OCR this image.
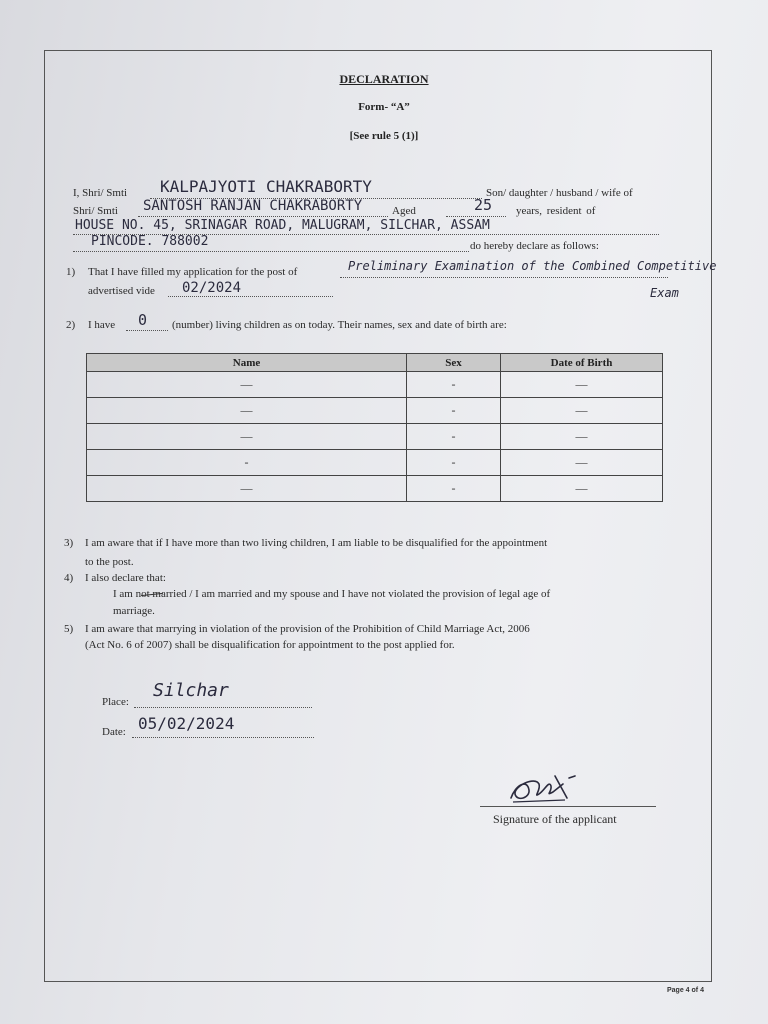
DECLARATION
Form- “A”
[See rule 5 (1)]
I, Shri/ Smti KALPAJYOTI CHAKRABORTY	Son/ daughter / husband / wife of
Shri/ Smti SANTOSH RANJAN CHAKRABORTY	Aged	25 years, resident of
HOUSE NO. 45, SRINAGAR ROAD, MALUGRAM, SILCHAR, ASSAM
PINCODE. 788002	do hereby declare as follows:
1) That I have filled my application for the post of	Preliminary Examination of the Combined Competitive
Exam
advertised vide 02/2024
2) I have 0 (number) living children as on today. Their names, sex and date of birth are:
Name	Sex	Date of Birth
—	-	—
—	-	—
—	-	—
-	-	—
—	-	—
3) I am aware that if I have more than two living children, I am liable to be disqualified for the appointment
to the post.
4) I also declare that:
I am not married / I am married and my spouse and I have not violated the provision of legal age of
marriage.
5) I am aware that marrying in violation of the provision of the Prohibition of Child Marriage Act, 2006
(Act No. 6 of 2007) shall be disqualification for appointment to the post applied for.
Place:
Silchar
Date: 05/02/2024
Signature of the applicant
Page 4 of 4
